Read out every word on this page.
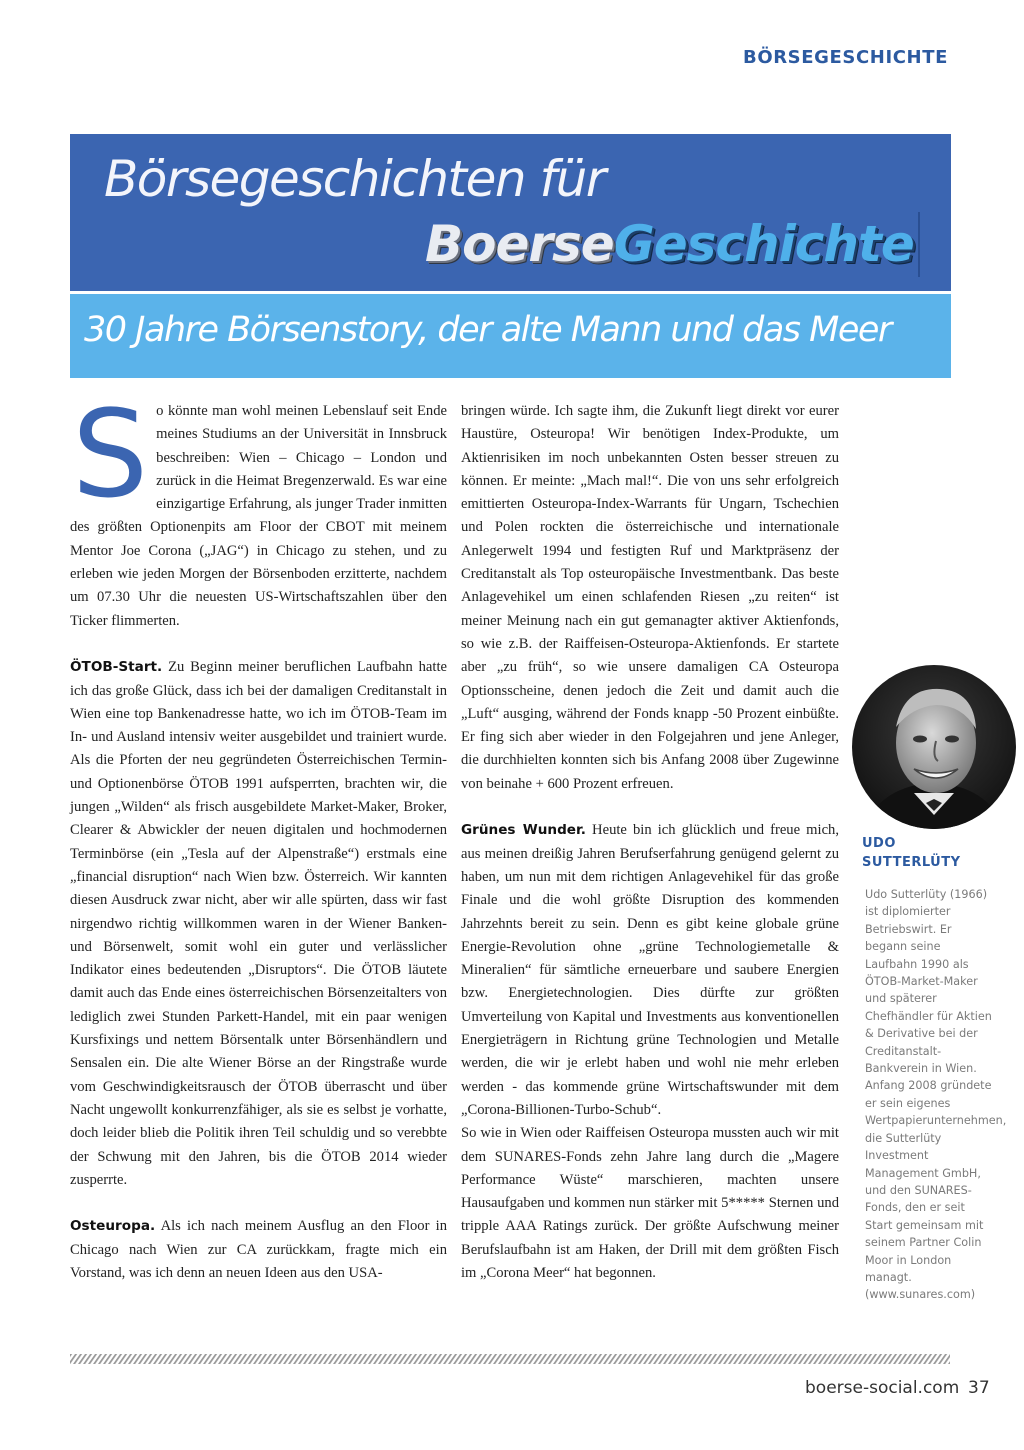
BÖRSEGESCHICHTE
Börsegeschichten für
BoerseGeschichte
30 Jahre Börsenstory, der alte Mann und das Meer

So könnte man wohl meinen Lebenslauf seit Ende meines Studiums an der Universität in Innsbruck beschreiben: Wien – Chicago – London und zurück in die Heimat Bregenzerwald. Es war eine einzigartige Erfahrung, als junger Trader inmitten des größten Optionenpits am Floor der CBOT mit meinem Mentor Joe Corona („JAG“) in Chicago zu stehen, und zu erleben wie jeden Morgen der Börsenboden erzitterte, nachdem um 07.30 Uhr die neuesten US-Wirtschaftszahlen über den Ticker flimmerten.

ÖTOB-Start. Zu Beginn meiner beruflichen Laufbahn hatte ich das große Glück, dass ich bei der damaligen Creditanstalt in Wien eine top Bankenadresse hatte, wo ich im ÖTOB-Team im In- und Ausland intensiv weiter ausgebildet und trainiert wurde. Als die Pforten der neu gegründeten Österreichischen Termin- und Optionenbörse ÖTOB 1991 aufsperrten, brachten wir, die jungen „Wilden“ als frisch ausgebildete Market-Maker, Broker, Clearer & Abwickler der neuen digitalen und hochmodernen Terminbörse (ein „Tesla auf der Alpenstraße“) erstmals eine „financial disruption“ nach Wien bzw. Österreich. Wir kannten diesen Ausdruck zwar nicht, aber wir alle spürten, dass wir fast nirgendwo richtig willkommen waren in der Wiener Banken- und Börsenwelt, somit wohl ein guter und verlässlicher Indikator eines bedeutenden „Disruptors“. Die ÖTOB läutete damit auch das Ende eines österreichischen Börsenzeitalters von lediglich zwei Stunden Parkett-Handel, mit ein paar wenigen Kursfixings und nettem Börsentalk unter Börsenhändlern und Sensalen ein. Die alte Wiener Börse an der Ringstraße wurde vom Geschwindigkeitsrausch der ÖTOB überrascht und über Nacht ungewollt konkurrenzfähiger, als sie es selbst je vorhatte, doch leider blieb die Politik ihren Teil schuldig und so verebbte der Schwung mit den Jahren, bis die ÖTOB 2014 wieder zusperrte.

Osteuropa. Als ich nach meinem Ausflug an den Floor in Chicago nach Wien zur CA zurückkam, fragte mich ein Vorstand, was ich denn an neuen Ideen aus den USA-

bringen würde. Ich sagte ihm, die Zukunft liegt direkt vor eurer Haustüre, Osteuropa! Wir benötigen Index-Produkte, um Aktienrisiken im noch unbekannten Osten besser streuen zu können. Er meinte: „Mach mal!“. Die von uns sehr erfolgreich emittierten Osteuropa-Index-Warrants für Ungarn, Tschechien und Polen rockten die österreichische und internationale Anlegerwelt 1994 und festigten Ruf und Marktpräsenz der Creditanstalt als Top osteuropäische Investmentbank. Das beste Anlagevehikel um einen schlafenden Riesen „zu reiten“ ist meiner Meinung nach ein gut gemanagter aktiver Aktienfonds, so wie z.B. der Raiffeisen-Osteuropa-Aktienfonds. Er startete aber „zu früh“, so wie unsere damaligen CA Osteuropa Optionsscheine, denen jedoch die Zeit und damit auch die „Luft“ ausging, während der Fonds knapp -50 Prozent einbüßte. Er fing sich aber wieder in den Folgejahren und jene Anleger, die durchhielten konnten sich bis Anfang 2008 über Zugewinne von beinahe + 600 Prozent erfreuen.

Grünes Wunder. Heute bin ich glücklich und freue mich, aus meinen dreißig Jahren Berufserfahrung genügend gelernt zu haben, um nun mit dem richtigen Anlagevehikel für das große Finale und die wohl größte Disruption des kommenden Jahrzehnts bereit zu sein. Denn es gibt keine globale grüne Energie-Revolution ohne „grüne Technologiemetalle & Mineralien“ für sämtliche erneuerbare und saubere Energien bzw. Energietechnologien. Dies dürfte zur größten Umverteilung von Kapital und Investments aus konventionellen Energieträgern in Richtung grüne Technologien und Metalle werden, die wir je erlebt haben und wohl nie mehr erleben werden - das kommende grüne Wirtschaftswunder mit dem „Corona-Billionen-Turbo-Schub“.

So wie in Wien oder Raiffeisen Osteuropa mussten auch wir mit dem SUNARES-Fonds zehn Jahre lang durch die „Magere Performance Wüste“ marschieren, machten unsere Hausaufgaben und kommen nun stärker mit 5***** Sternen und tripple AAA Ratings zurück. Der größte Aufschwung meiner Berufslaufbahn ist am Haken, der Drill mit dem größten Fisch im „Corona Meer“ hat begonnen.

UDO
SUTTERLÜTY
Udo Sutterlüty (1966) ist diplomierter Betriebswirt. Er begann seine Laufbahn 1990 als ÖTOB-Market-Maker und späterer Chefhändler für Aktien & Derivative bei der Creditanstalt-Bankverein in Wien. Anfang 2008 gründete er sein eigenes Wertpapierunternehmen, die Sutterlüty Investment Management GmbH, und den SUNARES-Fonds, den er seit Start gemeinsam mit seinem Partner Colin Moor in London managt. (www.sunares.com)
boerse-social.com 37
